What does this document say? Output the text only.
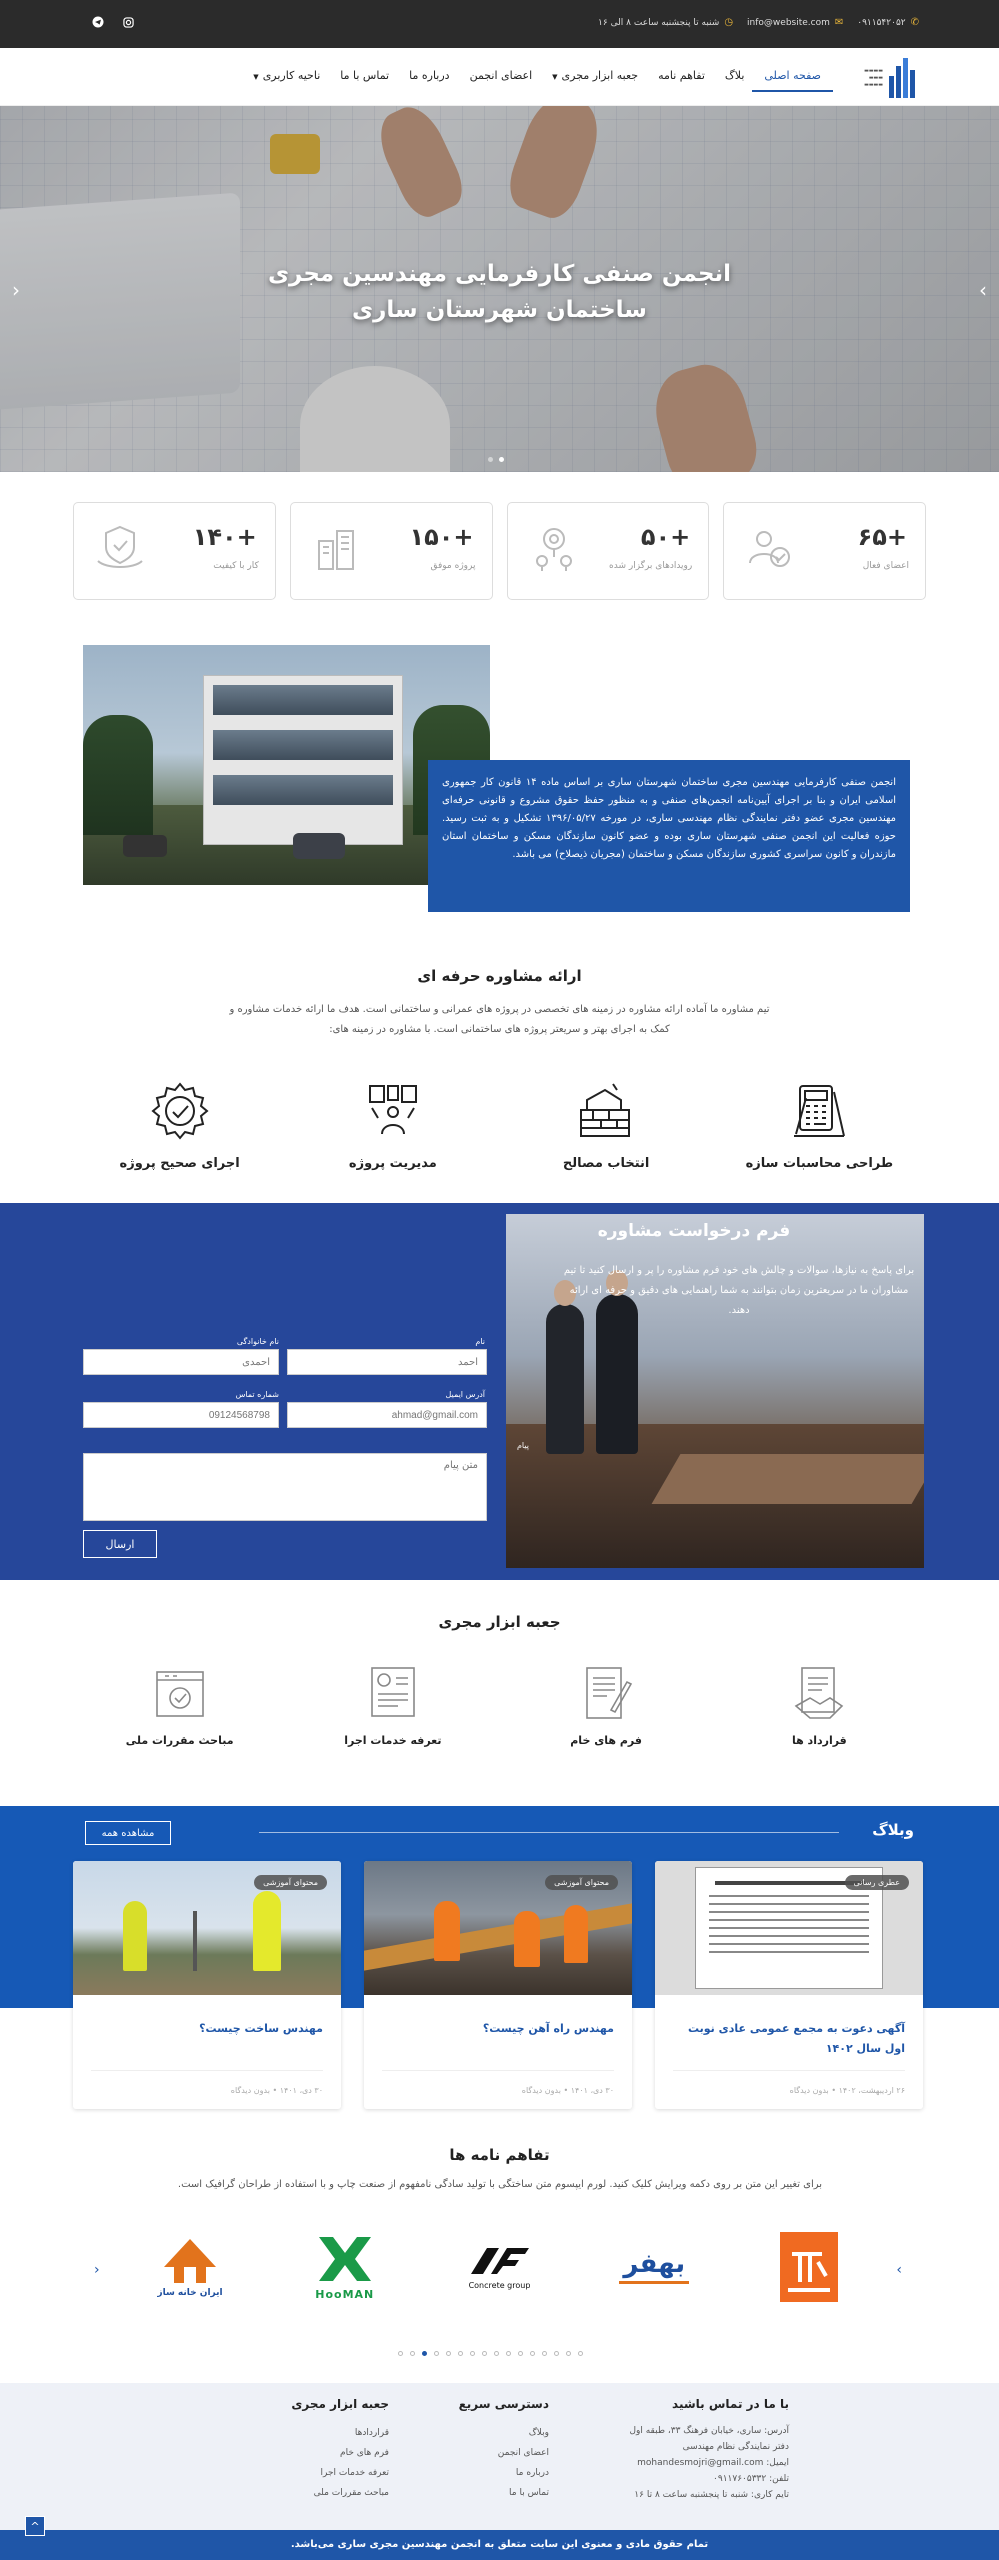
✆
۰۹۱۱۵۴۲۰۵۲
✉
info@website.com
◷
شنبه تا پنجشنبه ساعت ۸ الی ۱۶
▬▬▬▬
▬▬▬
▬▬▬▬
صفحه اصلی
بلاگ
تفاهم نامه
جعبه ابزار مجری▼
اعضای انجمن
درباره ما
تماس با ما
ناحیه کاربری▼
انجمن صنفی کارفرمایی مهندسین مجری
ساختمان شهرستان ساری
‹	›
+۶۵
اعضای فعال
+۵۰
رویدادهای برگزار شده
+۱۵۰
پروژه موفق
+۱۴۰
کار با کیفیت

انجمن صنفی کارفرمایی مهندسین مجری ساختمان شهرستان ساری بر اساس ماده ۱۴ قانون کار جمهوری اسلامی ایران و بنا بر اجرای آیین‌نامه انجمن‌های صنفی و به منظور حفظ حقوق مشروع و قانونی حرفه‌ای مهندسین مجری عضو دفتر نمایندگی نظام مهندسی ساری، در مورخه ۱۳۹۶/۰۵/۲۷ تشکیل و به ثبت رسید. حوزه فعالیت این انجمن صنفی شهرستان ساری بوده و عضو کانون سازندگان مسکن و ساختمان استان مازندران و کانون سراسری کشوری سازندگان مسکن و ساختمان (مجریان ذیصلاح) می باشد.

ارائه مشاوره حرفه ای
تیم مشاوره ما آماده ارائه مشاوره در زمینه های تخصصی در پروژه های عمرانی و ساختمانی است. هدف ما ارائه خدمات مشاوره و کمک به اجرای بهتر و سریعتر پروژه های ساختمانی است. با مشاوره در زمینه های:
طراحی محاسبات سازه
انتخاب مصالح
مدیریت پروژه
اجرای صحیح پروژه
فرم درخواست مشاوره
برای پاسخ به نیازها، سوالات و چالش های خود فرم مشاوره را پر و ارسال کنید تا تیم مشاوران ما در سریعترین زمان بتوانند به شما راهنمایی های دقیق و حرفه ای ارائه دهند.
نام
احمد
نام خانوادگی
احمدی
آدرس ایمیل
ahmad@gmail.com
شماره تماس
09124568798
پیام
متن پیام
ارسال
جعبه ابزار مجری
قرارداد ها
فرم های خام
تعرفه خدمات اجرا
مباحث مقررات ملی
وبلاگ
مشاهده همه
عطری رسانی
آگهی دعوت به مجمع عمومی عادی نوبت اول سال ۱۴۰۲
۲۶ اردیبهشت، ۱۴۰۲ • بدون دیدگاه
محتوای آموزشی
مهندس راه آهن چیست؟
۳۰ دی، ۱۴۰۱ • بدون دیدگاه
محتوای آموزشی
مهندس ساخت چیست؟
۳۰ دی، ۱۴۰۱ • بدون دیدگاه
تفاهم نامه ها
برای تغییر این متن بر روی دکمه ویرایش کلیک کنید. لورم ایپسوم متن ساختگی با تولید سادگی نامفهوم از صنعت چاپ و با استفاده از طراحان گرافیک است.
›
‹	بهفر
Concrete group
HooMAN
ایران خانه ساز
با ما در تماس باشید
آدرس: ساری، خیابان فرهنگ ۳۳، طبقه اول
دفتر نمایندگی نظام مهندسی
ایمیل: mohandesmojri@gmail.com
تلفن: ۰۹۱۱۷۶۰۵۳۳۲
تایم کاری: شنبه تا پنجشنبه ساعت ۸ تا ۱۶
دسترسی سریع
وبلاگ
اعضای انجمن
درباره ما
تماس با ما
جعبه ابزار مجری
قراردادها
فرم های خام
تعرفه خدمات اجرا
مباحث مقررات ملی
تمام حقوق مادی و معنوی این سایت متعلق به انجمن مهندسین مجری ساری می‌باشد.
^
